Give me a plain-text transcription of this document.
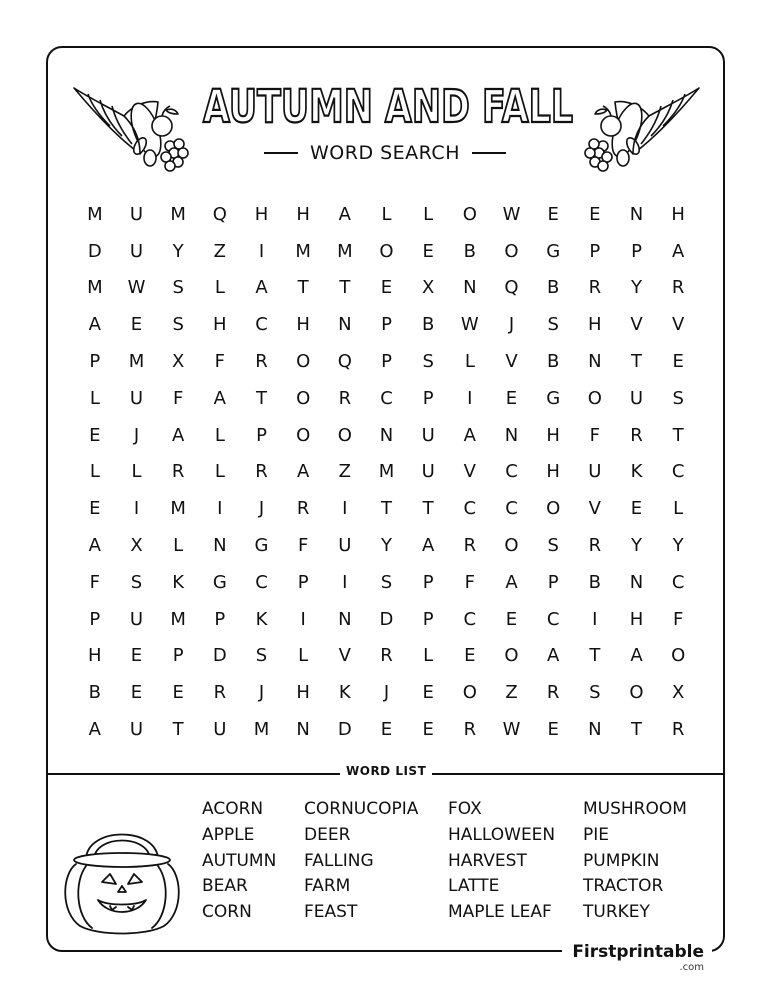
AUTUMN AND FALL
WORD SEARCH
M	U	M	Q	H	H	A	L	L	O	W	E	E	N	H
D	U	Y	Z	I	M	M	O	E	B	O	G	P	P	A
M	W	S	L	A	T	T	E	X	N	Q	B	R	Y	R
A	E	S	H	C	H	N	P	B	W	J	S	H	V	V
P	M	X	F	R	O	Q	P	S	L	V	B	N	T	E
L	U	F	A	T	O	R	C	P	I	E	G	O	U	S
E	J	A	L	P	O	O	N	U	A	N	H	F	R	T
L	L	R	L	R	A	Z	M	U	V	C	H	U	K	C
E	I	M	I	J	R	I	T	T	C	C	O	V	E	L
A	X	L	N	G	F	U	Y	A	R	O	S	R	Y	Y
F	S	K	G	C	P	I	S	P	F	A	P	B	N	C
P	U	M	P	K	I	N	D	P	C	E	C	I	H	F
H	E	P	D	S	L	V	R	L	E	O	A	T	A	O
B	E	E	R	J	H	K	J	E	O	Z	R	S	O	X
A	U	T	U	M	N	D	E	E	R	W	E	N	T	R
WORD LIST
ACORN
APPLE
AUTUMN
BEAR
CORN
CORNUCOPIA
DEER
FALLING
FARM
FEAST
FOX
HALLOWEEN
HARVEST
LATTE
MAPLE LEAF
MUSHROOM
PIE
PUMPKIN
TRACTOR
TURKEY
Firstprintable
.com
